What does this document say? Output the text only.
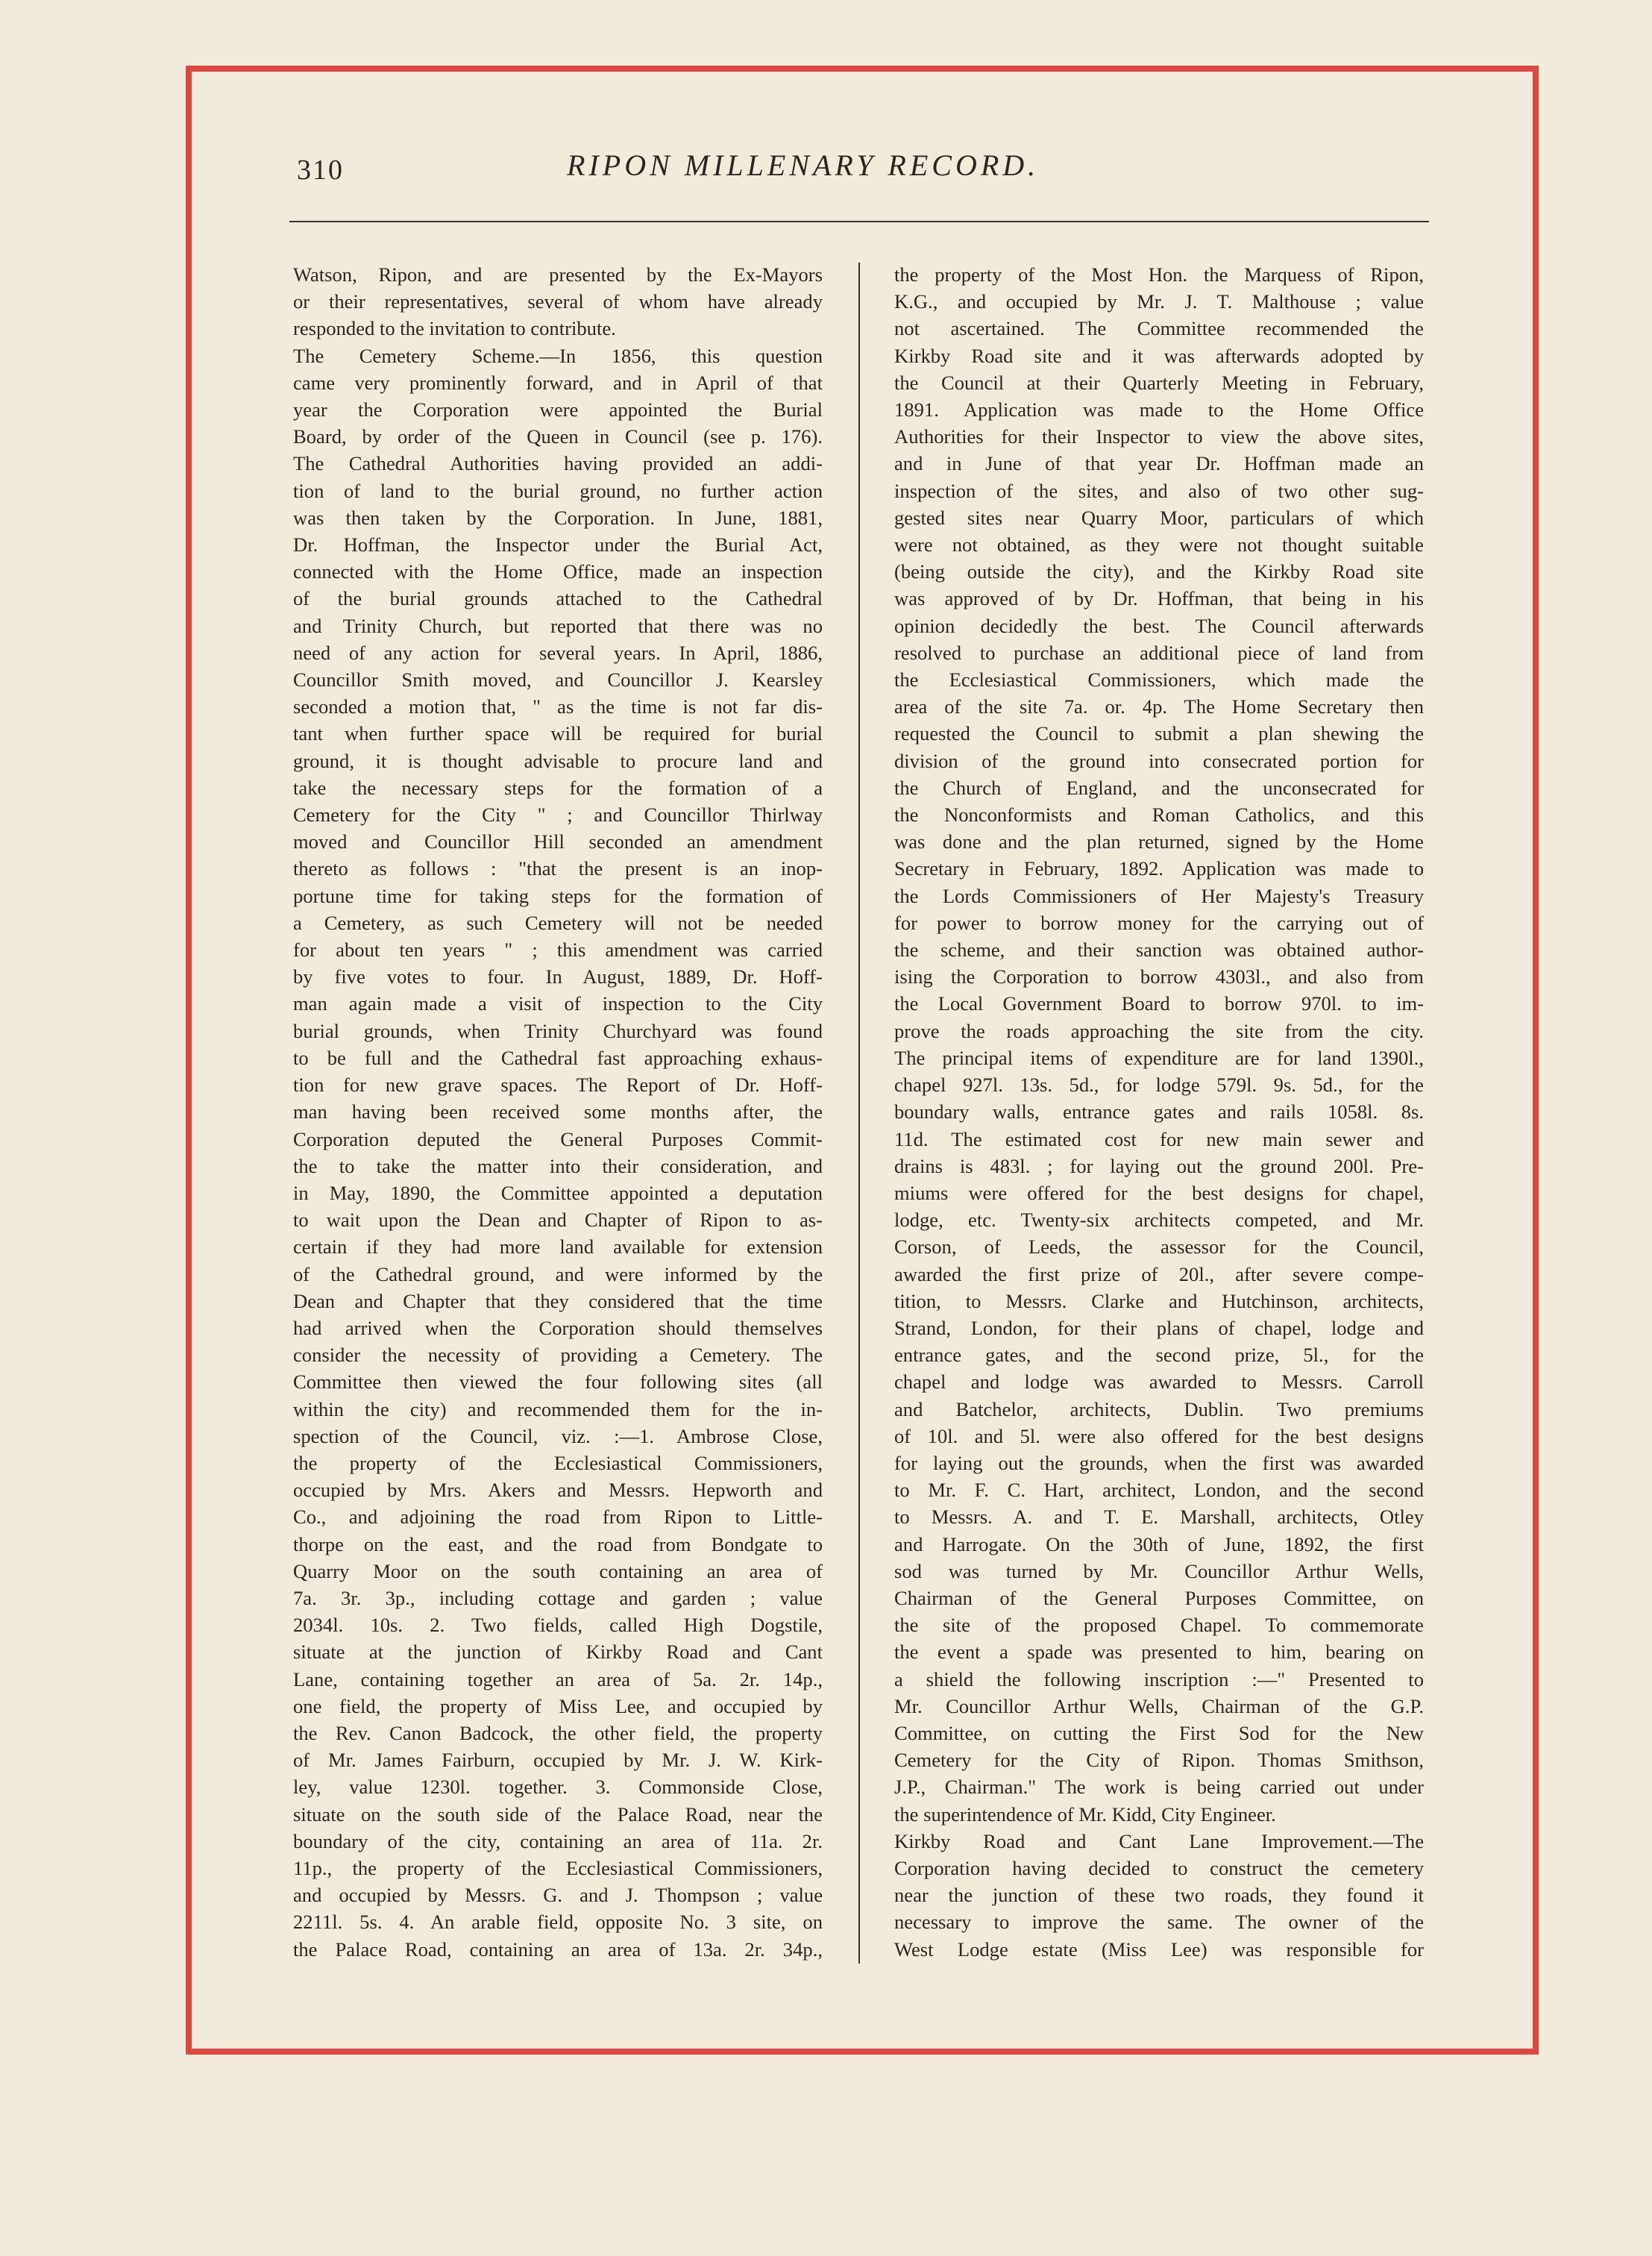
310	RIPON MILLENARY RECORD.
Watson, Ripon, and are presented by the Ex-Mayors
or their representatives, several of whom have already
responded to the invitation to contribute.
The Cemetery Scheme.—In 1856, this question
came very prominently forward, and in April of that
year the Corporation were appointed the Burial
Board, by order of the Queen in Council (see p. 176).
The Cathedral Authorities having provided an addi-
tion of land to the burial ground, no further action
was then taken by the Corporation. In June, 1881,
Dr. Hoffman, the Inspector under the Burial Act,
connected with the Home Office, made an inspection
of the burial grounds attached to the Cathedral
and Trinity Church, but reported that there was no
need of any action for several years. In April, 1886,
Councillor Smith moved, and Councillor J. Kearsley
seconded a motion that, " as the time is not far dis-
tant when further space will be required for burial
ground, it is thought advisable to procure land and
take the necessary steps for the formation of a
Cemetery for the City " ; and Councillor Thirlway
moved and Councillor Hill seconded an amendment
thereto as follows : "that the present is an inop-
portune time for taking steps for the formation of
a Cemetery, as such Cemetery will not be needed
for about ten years " ; this amendment was carried
by five votes to four. In August, 1889, Dr. Hoff-
man again made a visit of inspection to the City
burial grounds, when Trinity Churchyard was found
to be full and the Cathedral fast approaching exhaus-
tion for new grave spaces. The Report of Dr. Hoff-
man having been received some months after, the
Corporation deputed the General Purposes Commit-
the to take the matter into their consideration, and
in May, 1890, the Committee appointed a deputation
to wait upon the Dean and Chapter of Ripon to as-
certain if they had more land available for extension
of the Cathedral ground, and were informed by the
Dean and Chapter that they considered that the time
had arrived when the Corporation should themselves
consider the necessity of providing a Cemetery. The
Committee then viewed the four following sites (all
within the city) and recommended them for the in-
spection of the Council, viz. :—1. Ambrose Close,
the property of the Ecclesiastical Commissioners,
occupied by Mrs. Akers and Messrs. Hepworth and
Co., and adjoining the road from Ripon to Little-
thorpe on the east, and the road from Bondgate to
Quarry Moor on the south containing an area of
7a. 3r. 3p., including cottage and garden ; value
2034l. 10s. 2. Two fields, called High Dogstile,
situate at the junction of Kirkby Road and Cant
Lane, containing together an area of 5a. 2r. 14p.,
one field, the property of Miss Lee, and occupied by
the Rev. Canon Badcock, the other field, the property
of Mr. James Fairburn, occupied by Mr. J. W. Kirk-
ley, value 1230l. together. 3. Commonside Close,
situate on the south side of the Palace Road, near the
boundary of the city, containing an area of 11a. 2r.
11p., the property of the Ecclesiastical Commissioners,
and occupied by Messrs. G. and J. Thompson ; value
2211l. 5s. 4. An arable field, opposite No. 3 site, on
the Palace Road, containing an area of 13a. 2r. 34p.,
the property of the Most Hon. the Marquess of Ripon,
K.G., and occupied by Mr. J. T. Malthouse ; value
not ascertained. The Committee recommended the
Kirkby Road site and it was afterwards adopted by
the Council at their Quarterly Meeting in February,
1891. Application was made to the Home Office
Authorities for their Inspector to view the above sites,
and in June of that year Dr. Hoffman made an
inspection of the sites, and also of two other sug-
gested sites near Quarry Moor, particulars of which
were not obtained, as they were not thought suitable
(being outside the city), and the Kirkby Road site
was approved of by Dr. Hoffman, that being in his
opinion decidedly the best. The Council afterwards
resolved to purchase an additional piece of land from
the Ecclesiastical Commissioners, which made the
area of the site 7a. or. 4p. The Home Secretary then
requested the Council to submit a plan shewing the
division of the ground into consecrated portion for
the Church of England, and the unconsecrated for
the Nonconformists and Roman Catholics, and this
was done and the plan returned, signed by the Home
Secretary in February, 1892. Application was made to
the Lords Commissioners of Her Majesty's Treasury
for power to borrow money for the carrying out of
the scheme, and their sanction was obtained author-
ising the Corporation to borrow 4303l., and also from
the Local Government Board to borrow 970l. to im-
prove the roads approaching the site from the city.
The principal items of expenditure are for land 1390l.,
chapel 927l. 13s. 5d., for lodge 579l. 9s. 5d., for the
boundary walls, entrance gates and rails 1058l. 8s.
11d. The estimated cost for new main sewer and
drains is 483l. ; for laying out the ground 200l. Pre-
miums were offered for the best designs for chapel,
lodge, etc. Twenty-six architects competed, and Mr.
Corson, of Leeds, the assessor for the Council,
awarded the first prize of 20l., after severe compe-
tition, to Messrs. Clarke and Hutchinson, architects,
Strand, London, for their plans of chapel, lodge and
entrance gates, and the second prize, 5l., for the
chapel and lodge was awarded to Messrs. Carroll
and Batchelor, architects, Dublin. Two premiums
of 10l. and 5l. were also offered for the best designs
for laying out the grounds, when the first was awarded
to Mr. F. C. Hart, architect, London, and the second
to Messrs. A. and T. E. Marshall, architects, Otley
and Harrogate. On the 30th of June, 1892, the first
sod was turned by Mr. Councillor Arthur Wells,
Chairman of the General Purposes Committee, on
the site of the proposed Chapel. To commemorate
the event a spade was presented to him, bearing on
a shield the following inscription :—" Presented to
Mr. Councillor Arthur Wells, Chairman of the G.P.
Committee, on cutting the First Sod for the New
Cemetery for the City of Ripon. Thomas Smithson,
J.P., Chairman." The work is being carried out under
the superintendence of Mr. Kidd, City Engineer.
Kirkby Road and Cant Lane Improvement.—The
Corporation having decided to construct the cemetery
near the junction of these two roads, they found it
necessary to improve the same. The owner of the
West Lodge estate (Miss Lee) was responsible for
